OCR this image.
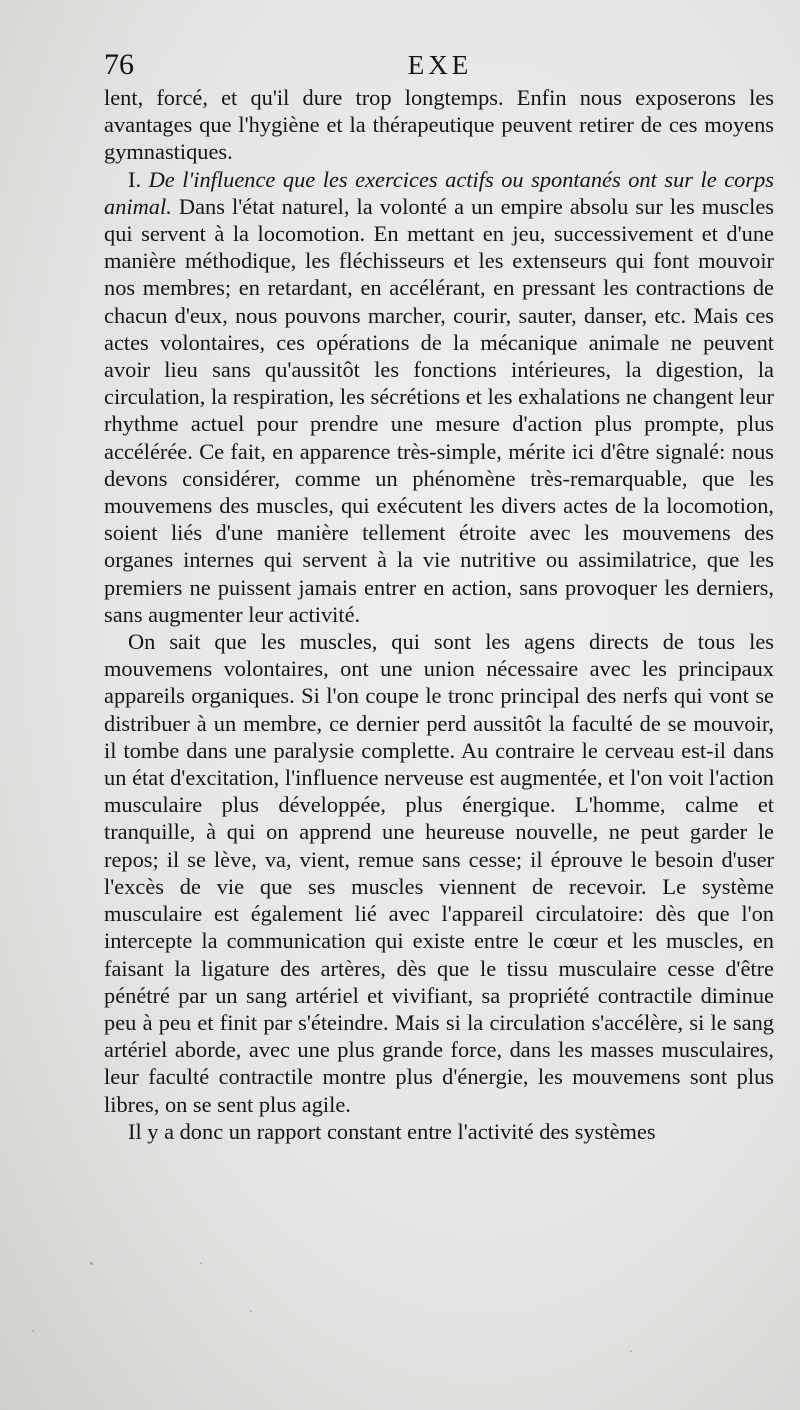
76	EXE

lent, forcé, et qu'il dure trop longtemps. Enfin nous exposerons les avantages que l'hygiène et la thérapeutique peuvent retirer de ces moyens gymnastiques.

I. De l'influence que les exercices actifs ou spontanés ont sur le corps animal. Dans l'état naturel, la volonté a un empire absolu sur les muscles qui servent à la locomotion. En mettant en jeu, successivement et d'une manière méthodique, les fléchisseurs et les extenseurs qui font mouvoir nos membres; en retardant, en accélérant, en pressant les contractions de chacun d'eux, nous pouvons marcher, courir, sauter, danser, etc. Mais ces actes volontaires, ces opérations de la mécanique animale ne peuvent avoir lieu sans qu'aussitôt les fonctions intérieures, la digestion, la circulation, la respiration, les sécrétions et les exhalations ne changent leur rhythme actuel pour prendre une mesure d'action plus prompte, plus accélérée. Ce fait, en apparence très-simple, mérite ici d'être signalé: nous devons considérer, comme un phénomène très-remarquable, que les mouvemens des muscles, qui exécutent les divers actes de la locomotion, soient liés d'une manière tellement étroite avec les mouvemens des organes internes qui servent à la vie nutritive ou assimilatrice, que les premiers ne puissent jamais entrer en action, sans provoquer les derniers, sans augmenter leur activité.

On sait que les muscles, qui sont les agens directs de tous les mouvemens volontaires, ont une union nécessaire avec les principaux appareils organiques. Si l'on coupe le tronc principal des nerfs qui vont se distribuer à un membre, ce dernier perd aussitôt la faculté de se mouvoir, il tombe dans une paralysie complette. Au contraire le cerveau est-il dans un état d'excitation, l'influence nerveuse est augmentée, et l'on voit l'action musculaire plus développée, plus énergique. L'homme, calme et tranquille, à qui on apprend une heureuse nouvelle, ne peut garder le repos; il se lève, va, vient, remue sans cesse; il éprouve le besoin d'user l'excès de vie que ses muscles viennent de recevoir. Le système musculaire est également lié avec l'appareil circulatoire: dès que l'on intercepte la communication qui existe entre le cœur et les muscles, en faisant la ligature des artères, dès que le tissu musculaire cesse d'être pénétré par un sang artériel et vivifiant, sa propriété contractile diminue peu à peu et finit par s'éteindre. Mais si la circulation s'accélère, si le sang artériel aborde, avec une plus grande force, dans les masses musculaires, leur faculté contractile montre plus d'énergie, les mouvemens sont plus libres, on se sent plus agile.

Il y a donc un rapport constant entre l'activité des systèmes
